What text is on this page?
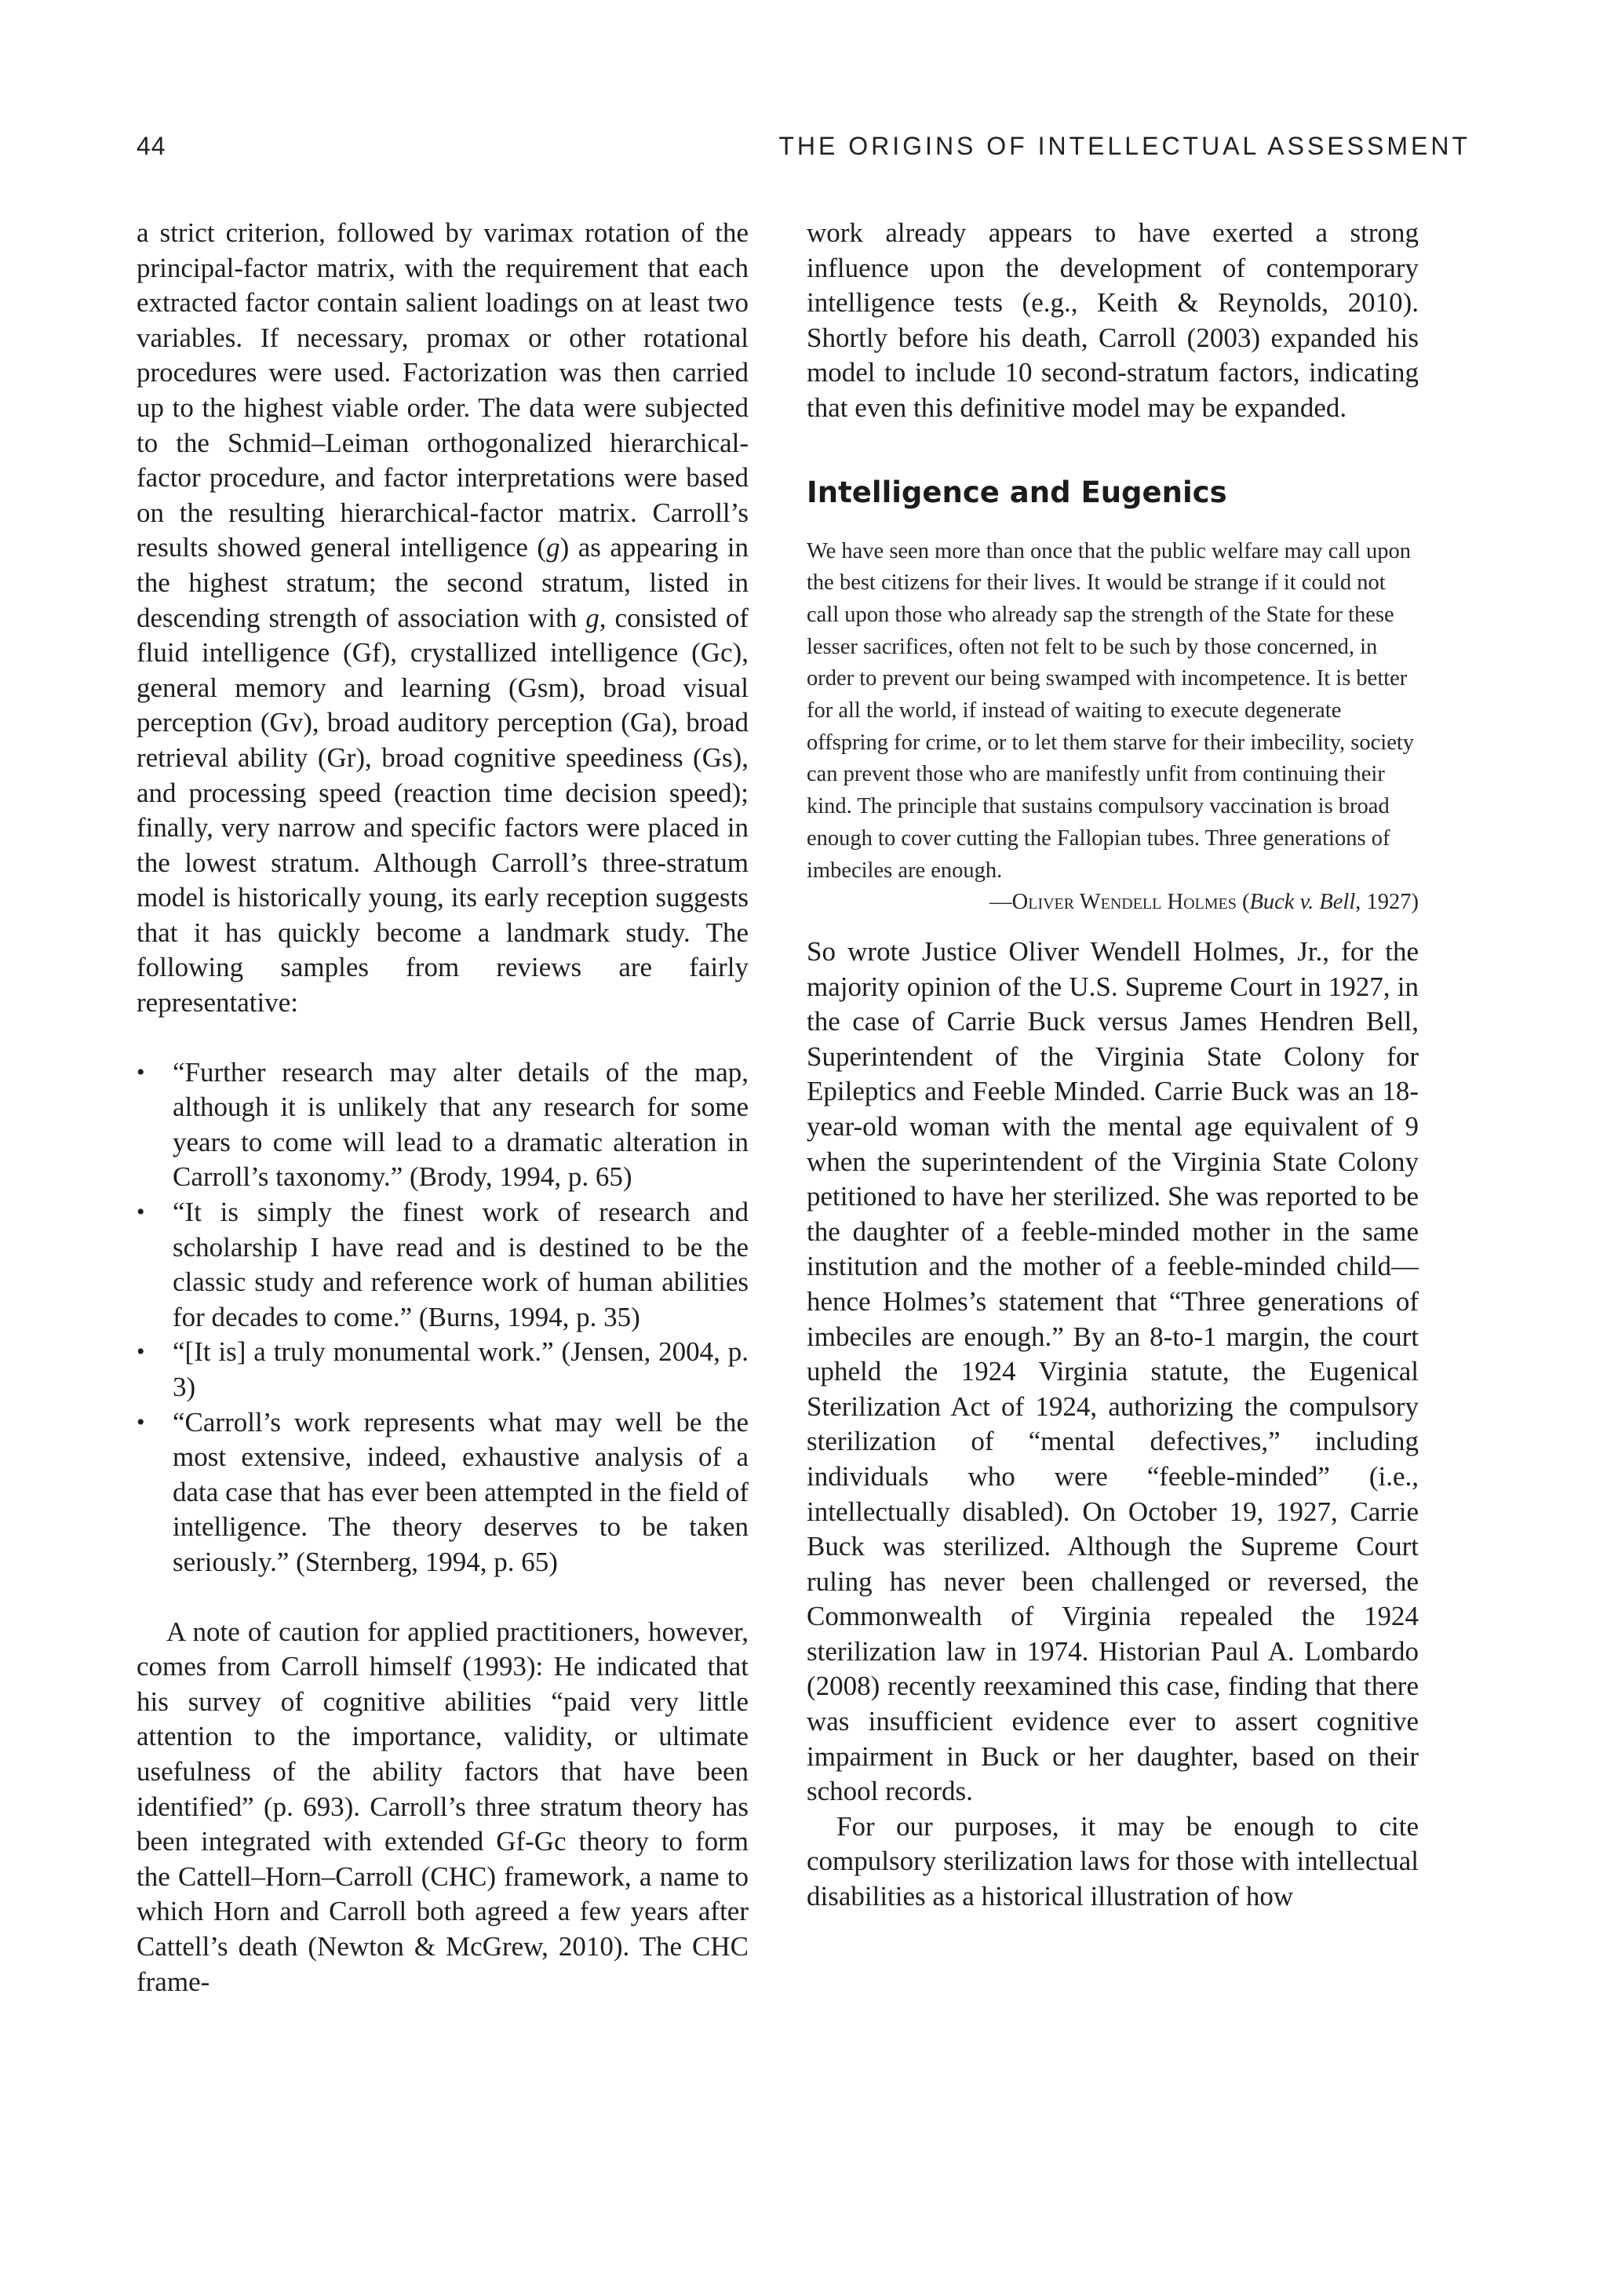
44	THE ORIGINS OF INTELLECTUAL ASSESSMENT

a strict criterion, followed by varimax rotation of the principal-factor matrix, with the requirement that each extracted factor contain salient loadings on at least two variables. If necessary, promax or other rotational procedures were used. Factorization was then carried up to the highest viable order. The data were subjected to the Schmid–Leiman orthogonalized hierarchical-factor procedure, and factor interpretations were based on the resulting hierarchical-factor matrix. Carroll’s results showed general intelligence (g) as appearing in the highest stratum; the second stratum, listed in descending strength of association with g, consisted of fluid intelligence (Gf), crystallized intelligence (Gc), general memory and learning (Gsm), broad visual perception (Gv), broad auditory perception (Ga), broad retrieval ability (Gr), broad cognitive speediness (Gs), and processing speed (reaction time decision speed); finally, very narrow and specific factors were placed in the lowest stratum. Although Carroll’s three-stratum model is historically young, its early reception suggests that it has quickly become a landmark study. The following samples from reviews are fairly representative:

•	“Further research may alter details of the map, although it is unlikely that any research for some years to come will lead to a dramatic alteration in Carroll’s taxonomy.” (Brody, 1994, p. 65)
•	“It is simply the finest work of research and scholarship I have read and is destined to be the classic study and reference work of human abilities for decades to come.” (Burns, 1994, p. 35)
•	“[It is] a truly monumental work.” (Jensen, 2004, p. 3)
•	“Carroll’s work represents what may well be the most extensive, indeed, exhaustive analysis of a data case that has ever been attempted in the field of intelligence. The theory deserves to be taken seriously.” (Sternberg, 1994, p. 65)

A note of caution for applied practitioners, however, comes from Carroll himself (1993): He indicated that his survey of cognitive abilities “paid very little attention to the importance, validity, or ultimate usefulness of the ability factors that have been identified” (p. 693). Carroll’s three stratum theory has been integrated with extended Gf-Gc theory to form the Cattell–Horn–Carroll (CHC) framework, a name to which Horn and Carroll both agreed a few years after Cattell’s death (Newton & McGrew, 2010). The CHC frame-

work already appears to have exerted a strong influence upon the development of contemporary intelligence tests (e.g., Keith & Reynolds, 2010). Shortly before his death, Carroll (2003) expanded his model to include 10 second-stratum factors, indicating that even this definitive model may be expanded.

Intelligence and Eugenics

We have seen more than once that the public welfare may call upon the best citizens for their lives. It would be strange if it could not call upon those who already sap the strength of the State for these lesser sacrifices, often not felt to be such by those concerned, in order to prevent our being swamped with incompetence. It is better for all the world, if instead of waiting to execute degenerate offspring for crime, or to let them starve for their imbecility, society can prevent those who are manifestly unfit from continuing their kind. The principle that sustains compulsory vaccination is broad enough to cover cutting the Fallopian tubes. Three generations of imbeciles are enough.

—Oliver Wendell Holmes (Buck v. Bell, 1927)

So wrote Justice Oliver Wendell Holmes, Jr., for the majority opinion of the U.S. Supreme Court in 1927, in the case of Carrie Buck versus James Hendren Bell, Superintendent of the Virginia State Colony for Epileptics and Feeble Minded. Carrie Buck was an 18-year-old woman with the mental age equivalent of 9 when the superintendent of the Virginia State Colony petitioned to have her sterilized. She was reported to be the daughter of a feeble-minded mother in the same institution and the mother of a feeble-minded child—hence Holmes’s statement that “Three generations of imbeciles are enough.” By an 8-to-1 margin, the court upheld the 1924 Virginia statute, the Eugenical Sterilization Act of 1924, authorizing the compulsory sterilization of “mental defectives,” including individuals who were “feeble-minded” (i.e., intellectually disabled). On October 19, 1927, Carrie Buck was sterilized. Although the Supreme Court ruling has never been challenged or reversed, the Commonwealth of Virginia repealed the 1924 sterilization law in 1974. Historian Paul A. Lombardo (2008) recently reexamined this case, finding that there was insufficient evidence ever to assert cognitive impairment in Buck or her daughter, based on their school records.

For our purposes, it may be enough to cite compulsory sterilization laws for those with intellectual disabilities as a historical illustration of how
